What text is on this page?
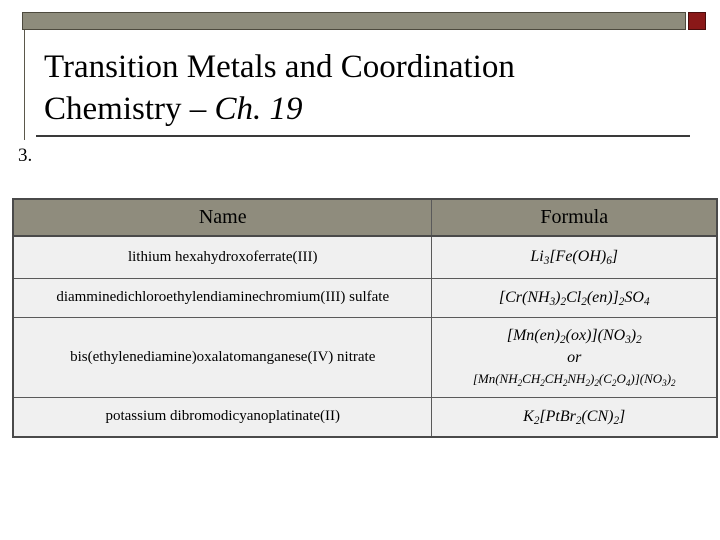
Transition Metals and Coordination
Chemistry – Ch. 19
3.
Name	Formula
lithium hexahydroxoferrate(III)	$Li_3[Fe(OH)_6]$
diamminedichloroethylendiaminechromium(III) sulfate	$[Cr(NH_3)_2Cl_2(en)]_2SO_4$
bis(ethylenediamine)oxalatomanganese(IV) nitrate	$[Mn(en)_2(ox)](NO_3)_2$
or
$[Mn(NH_2CH_2CH_2NH_2)_2(C_2O_4)](NO_3)_2$

potassium dibromodicyanoplatinate(II)	$K_2[PtBr_2(CN)_2]$
